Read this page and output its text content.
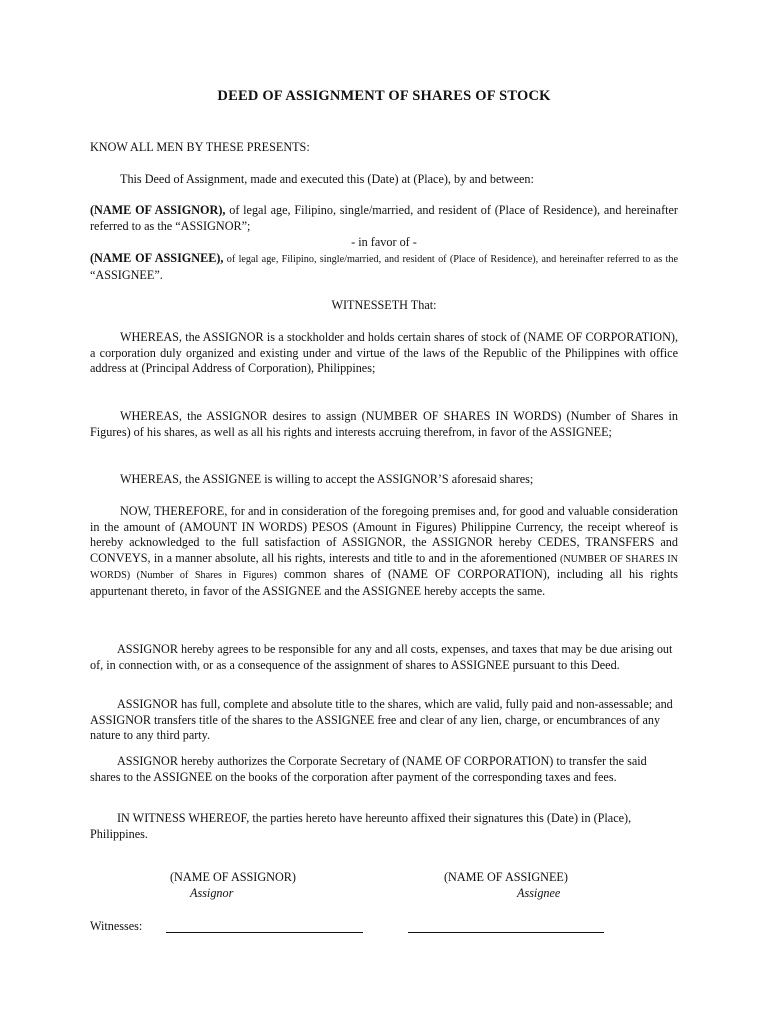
DEED OF ASSIGNMENT OF SHARES OF STOCK

KNOW ALL MEN BY THESE PRESENTS:

This Deed of Assignment, made and executed this (Date) at (Place), by and between:

(NAME OF ASSIGNOR), of legal age, Filipino, single/married, and resident of (Place of Residence), and hereinafter referred to as the “ASSIGNOR”;

- in favor of -

(NAME OF ASSIGNEE), of legal age, Filipino, single/married, and resident of (Place of Residence), and hereinafter referred to as the “ASSIGNEE”.

WITNESSETH That:

WHEREAS, the ASSIGNOR is a stockholder and holds certain shares of stock of (NAME OF CORPORATION), a corporation duly organized and existing under and virtue of the laws of the Republic of the Philippines with office address at (Principal Address of Corporation), Philippines;

WHEREAS, the ASSIGNOR desires to assign (NUMBER OF SHARES IN WORDS) (Number of Shares in Figures) of his shares, as well as all his rights and interests accruing therefrom, in favor of the ASSIGNEE;

WHEREAS, the ASSIGNEE is willing to accept the ASSIGNOR’S aforesaid shares;

NOW, THEREFORE, for and in consideration of the foregoing premises and, for good and valuable consideration in the amount of (AMOUNT IN WORDS) PESOS (Amount in Figures) Philippine Currency, the receipt whereof is hereby acknowledged to the full satisfaction of ASSIGNOR, the ASSIGNOR hereby CEDES, TRANSFERS and CONVEYS, in a manner absolute, all his rights, interests and title to and in the aforementioned (NUMBER OF SHARES IN WORDS) (Number of Shares in Figures) common shares of (NAME OF CORPORATION), including all his rights appurtenant thereto, in favor of the ASSIGNEE and the ASSIGNEE hereby accepts the same.

ASSIGNOR hereby agrees to be responsible for any and all costs, expenses, and taxes that may be due arising out of, in connection with, or as a consequence of the assignment of shares to ASSIGNEE pursuant to this Deed.

ASSIGNOR has full, complete and absolute title to the shares, which are valid, fully paid and non-assessable; and ASSIGNOR transfers title of the shares to the ASSIGNEE free and clear of any lien, charge, or encumbrances of any nature to any third party.

ASSIGNOR hereby authorizes the Corporate Secretary of (NAME OF CORPORATION) to transfer the said shares to the ASSIGNEE on the books of the corporation after payment of the corresponding taxes and fees.

IN WITNESS WHEREOF, the parties hereto have hereunto affixed their signatures this (Date) in (Place), Philippines.

(NAME OF ASSIGNOR)
Assignor
(NAME OF ASSIGNEE)
Assignee
Witnesses:
